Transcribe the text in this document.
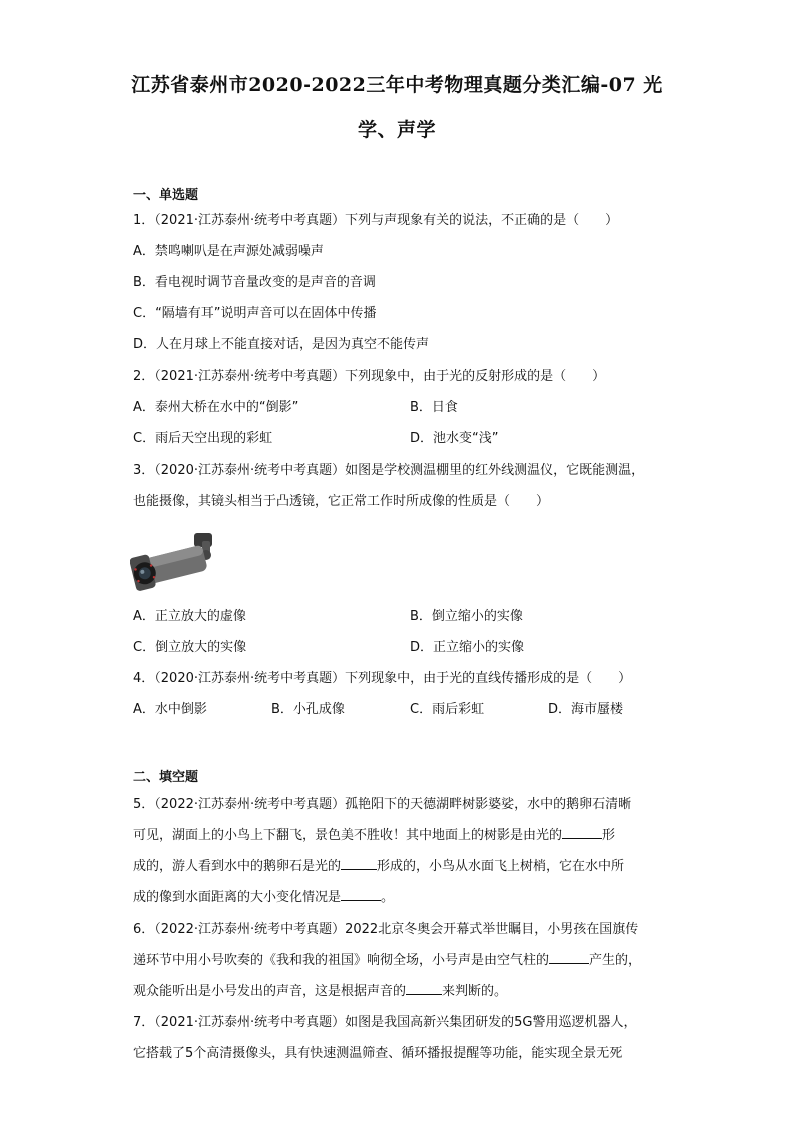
江苏省泰州市2020-2022三年中考物理真题分类汇编-07 光
学、声学
一、单选题
1．（2021·江苏泰州·统考中考真题）下列与声现象有关的说法，不正确的是（　　）
A．禁鸣喇叭是在声源处减弱噪声
B．看电视时调节音量改变的是声音的音调
C．“隔墙有耳”说明声音可以在固体中传播
D．人在月球上不能直接对话，是因为真空不能传声
2．（2021·江苏泰州·统考中考真题）下列现象中，由于光的反射形成的是（　　）
A．泰州大桥在水中的“倒影”	B．日食
C．雨后天空出现的彩虹	D．池水变“浅”
3．（2020·江苏泰州·统考中考真题）如图是学校测温棚里的红外线测温仪，它既能测温，
也能摄像，其镜头相当于凸透镜，它正常工作时所成像的性质是（　　）
A．正立放大的虚像	B．倒立缩小的实像
C．倒立放大的实像	D．正立缩小的实像
4．（2020·江苏泰州·统考中考真题）下列现象中，由于光的直线传播形成的是（　　）
A．水中倒影	B．小孔成像	C．雨后彩虹	D．海市蜃楼
二、填空题
5．（2022·江苏泰州·统考中考真题）孤艳阳下的天德湖畔树影婆娑，水中的鹅卵石清晰
可见，湖面上的小鸟上下翻飞，景色美不胜收！其中地面上的树影是由光的	形
成的，游人看到水中的鹅卵石是光的	形成的，小鸟从水面飞上树梢，它在水中所
成的像到水面距离的大小变化情况是	。
6．（2022·江苏泰州·统考中考真题）2022北京冬奥会开幕式举世瞩目，小男孩在国旗传
递环节中用小号吹奏的《我和我的祖国》响彻全场，小号声是由空气柱的	产生的，
观众能听出是小号发出的声音，这是根据声音的	来判断的。
7．（2021·江苏泰州·统考中考真题）如图是我国高新兴集团研发的5G警用巡逻机器人，
它搭载了5个高清摄像头，具有快速测温筛查、循环播报提醒等功能，能实现全景无死
